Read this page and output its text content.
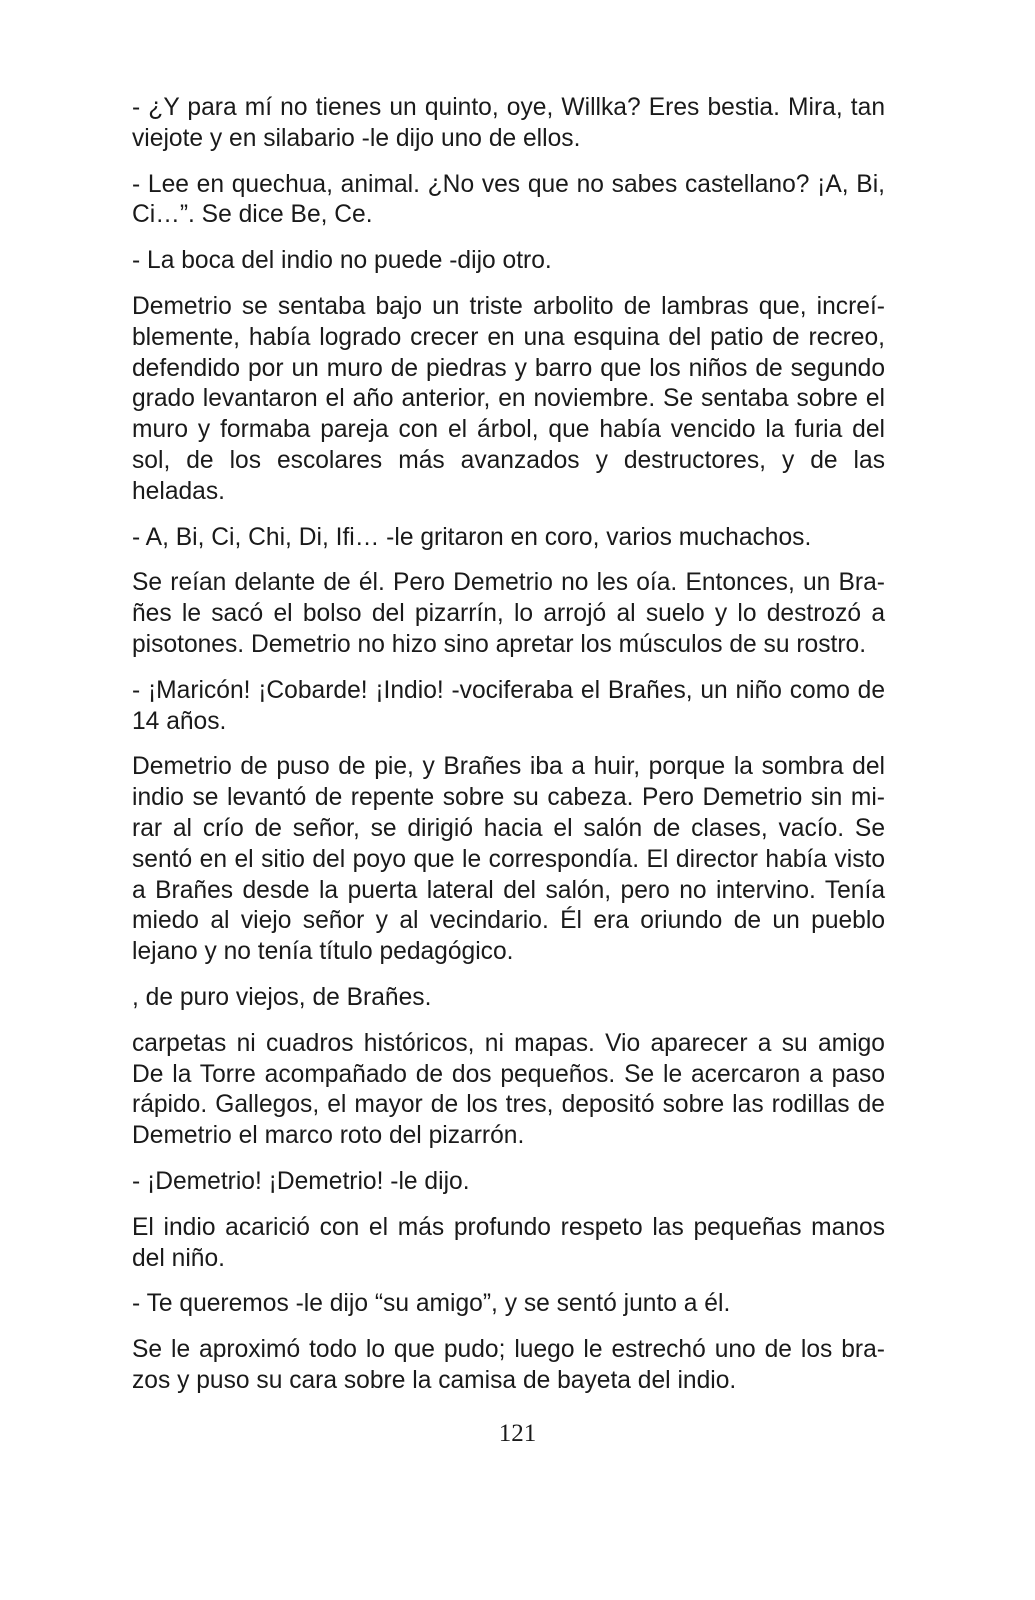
- ¿Y para mí no tienes un quinto, oye, Willka? Eres bestia. Mira, tan viejote y en silabario -le dijo uno de ellos.

- Lee en quechua, animal. ¿No ves que no sabes castellano? ¡A, Bi, Ci…”. Se dice Be, Ce.

- La boca del indio no puede -dijo otro.

Demetrio se sentaba bajo un triste arbolito de lambras que, increíblemente, había logrado crecer en una esquina del patio de recreo, defendido por un muro de piedras y barro que los niños de segundo grado levantaron el año anterior, en noviembre. Se sentaba sobre el muro y formaba pareja con el árbol, que había vencido la furia del sol, de los escolares más avanzados y destructores, y de las heladas.

- A, Bi, Ci, Chi, Di, Ifi… -le gritaron en coro, varios muchachos.

Se reían delante de él. Pero Demetrio no les oía. Entonces, un Brañes le sacó el bolso del pizarrín, lo arrojó al suelo y lo destrozó a pisotones. Demetrio no hizo sino apretar los músculos de su rostro.

- ¡Maricón! ¡Cobarde! ¡Indio! -vociferaba el Brañes, un niño como de 14 años.

Demetrio de puso de pie, y Brañes iba a huir, porque la sombra del indio se levantó de repente sobre su cabeza. Pero Demetrio sin mirar al crío de señor, se dirigió hacia el salón de clases, vacío. Se sentó en el sitio del poyo que le correspondía. El director había visto a Brañes desde la puerta lateral del salón, pero no intervino. Tenía miedo al viejo señor y al vecindario. Él era oriundo de un pueblo lejano y no tenía título pedagógico.

, de puro viejos, de Brañes.

carpetas ni cuadros históricos, ni mapas. Vio aparecer a su amigo De la Torre acompañado de dos pequeños. Se le acercaron a paso rápido. Gallegos, el mayor de los tres, depositó sobre las rodillas de Demetrio el marco roto del pizarrón.

- ¡Demetrio! ¡Demetrio! -le dijo.

El indio acarició con el más profundo respeto las pequeñas manos del niño.

- Te queremos -le dijo “su amigo”, y se sentó junto a él.

Se le aproximó todo lo que pudo; luego le estrechó uno de los brazos y puso su cara sobre la camisa de bayeta del indio.

121
